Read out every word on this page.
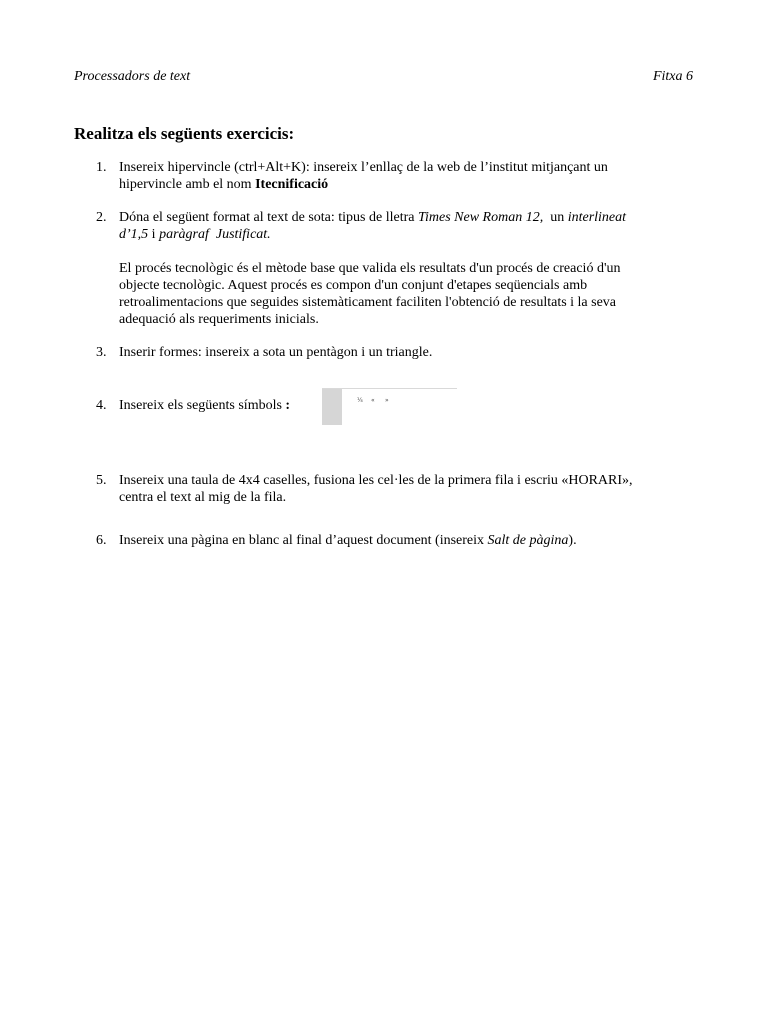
Processadors de text	Fitxa 6
Realitza els següents exercicis:
1. Insereix hipervincle (ctrl+Alt+K): insereix l’enllaç de la web de l’institut mitjançant un
hipervincle amb el nom Itecnificació
2. Dóna el següent format al text de sota: tipus de lletra Times New Roman 12,  un interlineat
d’1,5 i paràgraf  Justificat.
El procés tecnològic és el mètode base que valida els resultats d'un procés de creació d'un
objecte tecnològic. Aquest procés es compon d'un conjunt d'etapes seqüencials amb
retroalimentacions que seguides sistemàticament faciliten l'obtenció de resultats i la seva
adequació als requeriments inicials.
3. Inserir formes: insereix a sota un pentàgon i un triangle.
4. Insereix els següents símbols :	¼ « »
5. Insereix una taula de 4x4 caselles, fusiona les cel·les de la primera fila i escriu «HORARI»,
centra el text al mig de la fila.
6. Insereix una pàgina en blanc al final d’aquest document (insereix Salt de pàgina).
